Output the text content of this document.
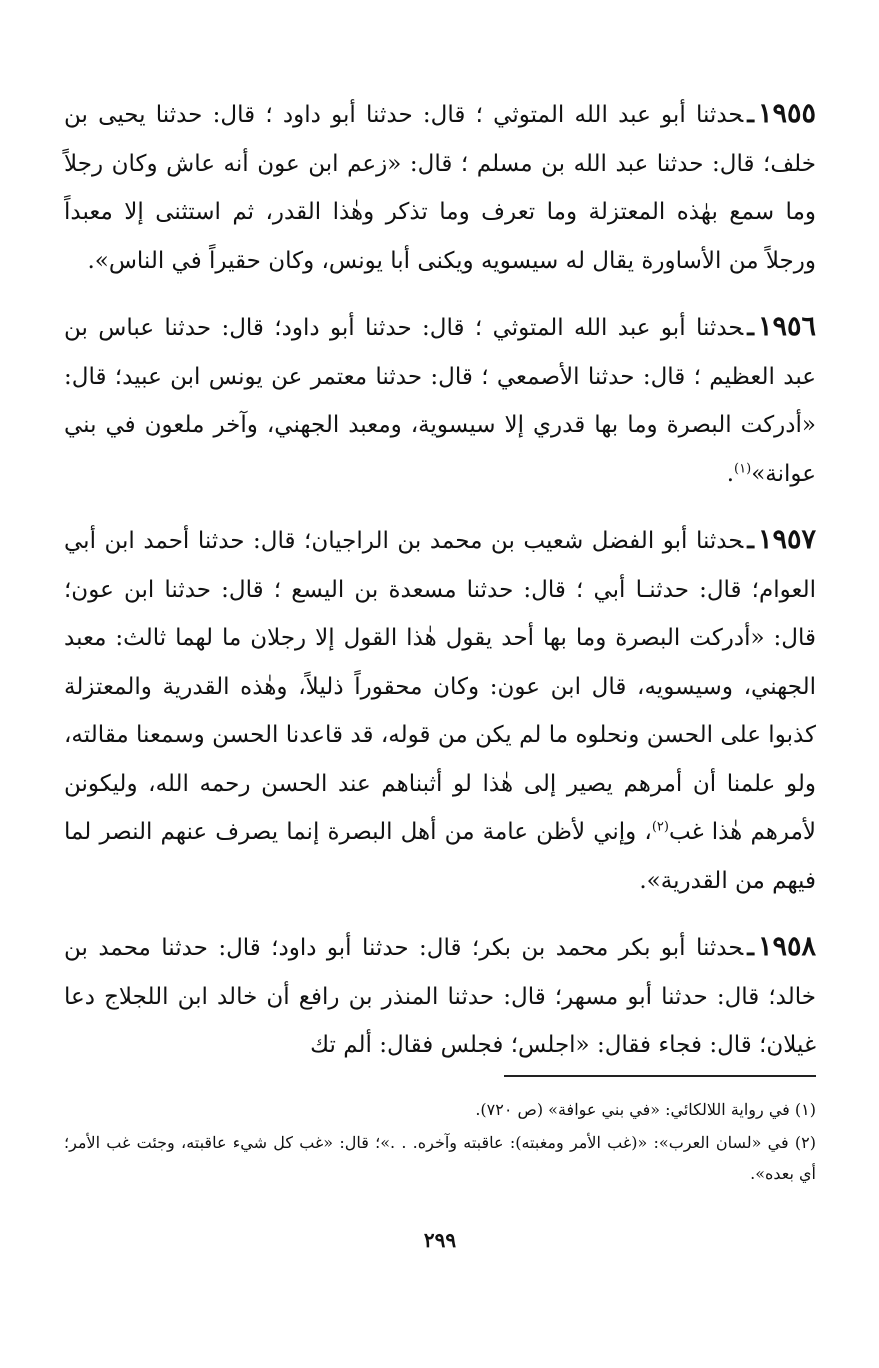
١٩٥٥ـحدثنا أبو عبد الله المتوثي ؛ قال: حدثنا أبو داود ؛ قال: حدثنا يحيى بن خلف؛ قال: حدثنا عبد الله بن مسلم ؛ قال: «زعم ابن عون أنه عاش وكان رجلاً وما سمع بهٰذه المعتزلة وما تعرف وما تذكر وهٰذا القدر، ثم استثنى إلا معبداً ورجلاً من الأساورة يقال له سيسويه ويكنى أبا يونس، وكان حقيراً في الناس».

١٩٥٦ـحدثنا أبو عبد الله المتوثي ؛ قال: حدثنا أبو داود؛ قال: حدثنا عباس بن عبد العظيم ؛ قال: حدثنا الأصمعي ؛ قال: حدثنا معتمر عن يونس ابن عبيد؛ قال: «أدركت البصرة وما بها قدري إلا سيسوية، ومعبد الجهني، وآخر ملعون في بني عوانة»$^{(١)}$.

١٩٥٧ـحدثنا أبو الفضل شعيب بن محمد بن الراجيان؛ قال: حدثنا أحمد ابن أبي العوام؛ قال: حدثنـا أبي ؛ قال: حدثنا مسعدة بن اليسع ؛ قال: حدثنا ابن عون؛ قال: «أدركت البصرة وما بها أحد يقول هٰذا القول إلا رجلان ما لهما ثالث: معبد الجهني، وسيسويه، قال ابن عون: وكان محقوراً ذليلاً، وهٰذه القدرية والمعتزلة كذبوا على الحسن ونحلوه ما لم يكن من قوله، قد قاعدنا الحسن وسمعنا مقالته، ولو علمنا أن أمرهم يصير إلى هٰذا لو أثبناهم عند الحسن رحمه الله، وليكونن لأمرهم هٰذا غب$^{(٢)}$، وإني لأظن عامة من أهل البصرة إنما يصرف عنهم النصر لما فيهم من القدرية».

١٩٥٨ـحدثنا أبو بكر محمد بن بكر؛ قال: حدثنا أبو داود؛ قال: حدثنا محمد بن خالد؛ قال: حدثنا أبو مسهر؛ قال: حدثنا المنذر بن رافع أن خالد ابن اللجلاج دعا غيلان؛ قال: فجاء فقال: «اجلس؛ فجلس فقال: ألم تك

(١) في رواية اللالكائي: «في بني عوافة» (ص ٧٢٠).

(٢) في «لسان العرب»: «(غب الأمر ومغبته): عاقبته وآخره. . .»؛ قال: «غب كل شيء عاقبته، وجئت غب الأمر؛ أي بعده».

٢٩٩
